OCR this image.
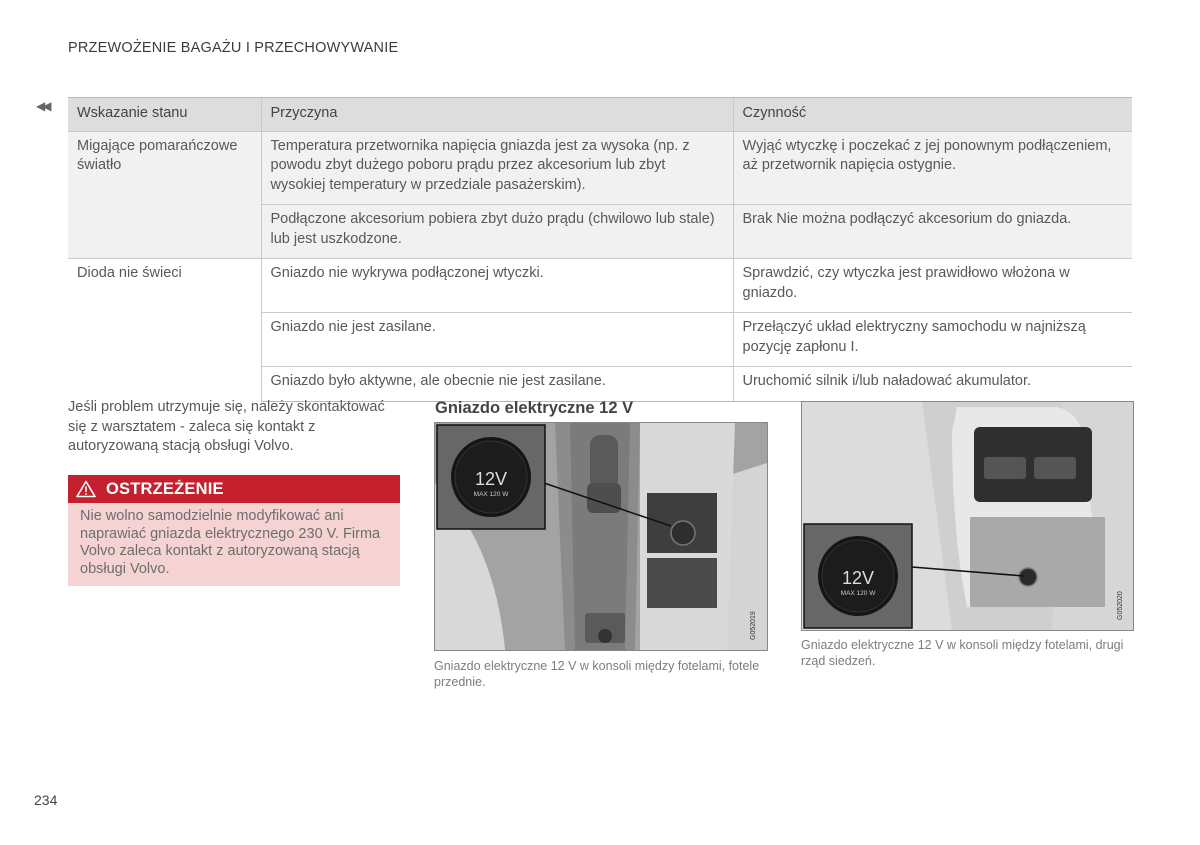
PRZEWOŻENIE BAGAŻU I PRZECHOWYWANIE
◀◀ Wskazanie stanu	Przyczyna	Czynność
Migające pomarańczowe światło	Temperatura przetwornika napięcia gniazda jest za wysoka (np. z powodu zbyt dużego poboru prądu przez akcesorium lub zbyt wysokiej temperatury w przedziale pasażerskim).	Wyjąć wtyczkę i poczekać z jej ponownym podłączeniem, aż przetwornik napięcia ostygnie.
	Podłączone akcesorium pobiera zbyt dużo prądu (chwilowo lub stale) lub jest uszkodzone.	Brak Nie można podłączyć akcesorium do gniazda.
Dioda nie świeci	Gniazdo nie wykrywa podłączonej wtyczki.	Sprawdzić, czy wtyczka jest prawidłowo włożona w gniazdo.
	Gniazdo nie jest zasilane.	Przełączyć układ elektryczny samochodu w najniższą pozycję zapłonu I.
	Gniazdo było aktywne, ale obecnie nie jest zasilane.	Uruchomić silnik i/lub naładować akumulator.
Jeśli problem utrzymuje się, należy skontaktować się z warsztatem - zaleca się kontakt z autoryzowaną stacją obsługi Volvo.
OSTRZEŻENIE
Nie wolno samodzielnie modyfikować ani naprawiać gniazda elektrycznego 230 V. Firma Volvo zaleca kontakt z autoryzowaną stacją obsługi Volvo.
Gniazdo elektryczne 12 V
12V
MAX 120 W
G052019
Gniazdo elektryczne 12 V w konsoli między fotelami, fotele przednie.
12V
MAX 120 W	G052020
Gniazdo elektryczne 12 V w konsoli między fotelami, drugi rząd siedzeń.
234
